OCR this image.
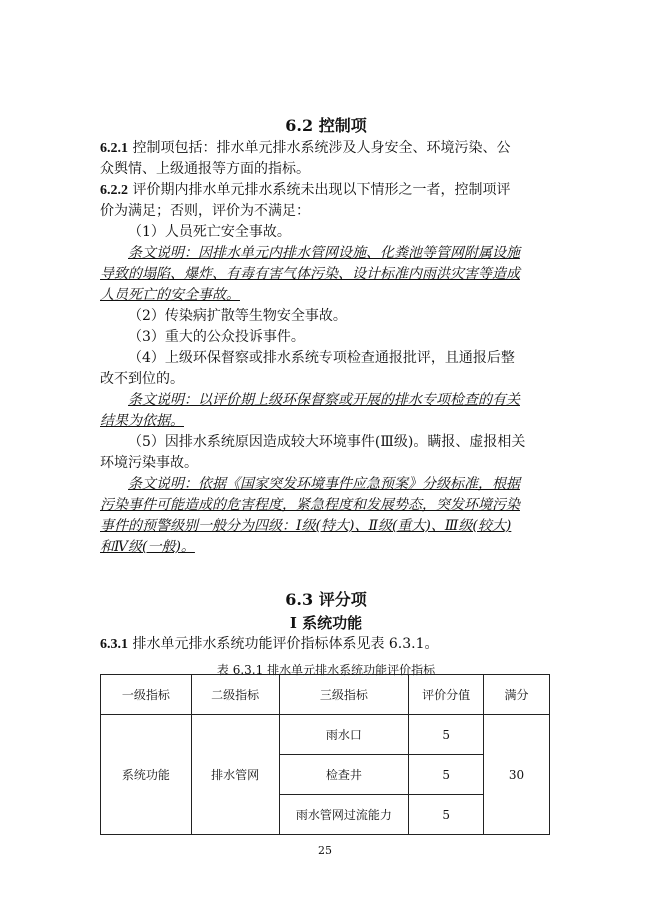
6.2 控制项

6.2.1 控制项包括：排水单元排水系统涉及人身安全、环境污染、公

众舆情、上级通报等方面的指标。

6.2.2 评价期内排水单元排水系统未出现以下情形之一者，控制项评

价为满足；否则，评价为不满足：

（1）人员死亡安全事故。

条文说明：因排水单元内排水管网设施、化粪池等管网附属设施

导致的塌陷、爆炸、有毒有害气体污染、设计标准内雨洪灾害等造成

人员死亡的安全事故。

（2）传染病扩散等生物安全事故。

（3）重大的公众投诉事件。

（4）上级环保督察或排水系统专项检查通报批评，且通报后整

改不到位的。

条文说明：以评价期上级环保督察或开展的排水专项检查的有关

结果为依据。

（5）因排水系统原因造成较大环境事件(Ⅲ级)。瞒报、虚报相关

环境污染事故。

条文说明：依据《国家突发环境事件应急预案》分级标准，根据

污染事件可能造成的危害程度，紧急程度和发展势态，突发环境污染

事件的预警级别一般分为四级：Ⅰ级(特大)、Ⅱ级(重大)、Ⅲ级(较大)

和Ⅳ级(一般)。

6.3 评分项

I 系统功能

6.3.1 排水单元排水系统功能评价指标体系见表 6.3.1。

表 6.3.1 排水单元排水系统功能评价指标

一级指标	二级指标	三级指标	评价分值	满分
系统功能	排水管网	雨水口	5	30
		检查井	5	
		雨水管网过流能力	5	
25
